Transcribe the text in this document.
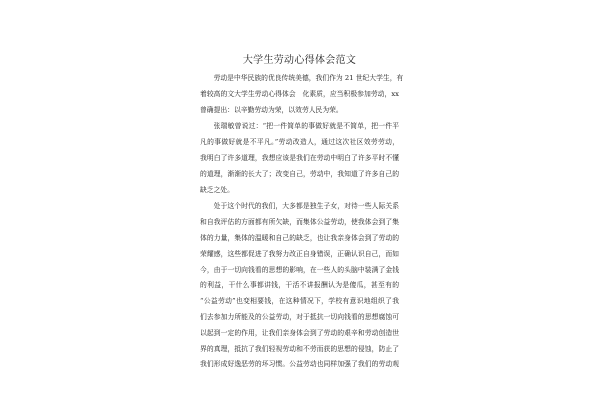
大学生劳动心得体会范文
劳动是中华民族的优良传统美德，我们作为 21 世纪大学生，有
着较高的文大学生劳动心得体会　化素质，应当积极参加劳动，xx
曾确提出：以辛勤劳动为荣，以效劳人民为荣。
张瑞敏曾说过：“把一件简单的事做好就是不简单，把一件平
凡的事做好就是不平凡。”劳动改造人，通过这次社区效劳劳动，
我明白了许多道理，我想应该是我们在劳动中明白了许多平时不懂
的道理，渐渐的长大了；改变自己，劳动中，我知道了许多自己的
缺乏之处。
处于这个时代的我们，大多都是独生子女，对待一些人际关系
和自我评估的方面都有所欠缺，而集体公益劳动，使我体会到了集
体的力量，集体的温暖和自己的缺乏，也让我亲身体会到了劳动的
荣耀感，这些都促进了我努力改正自身错误，正确认识自己，而如
今，由于一切向钱看的思想的影响，在一些人的头脑中装满了金钱
的利益，干什么事都讲钱，干活不讲报酬认为是傻瓜，甚至有的
“公益劳动”也变相要钱，在这种情况下，学校有意识地组织了我
们去参加力所能及的公益劳动，对于抵抗一切向钱看的思想腐蚀可
以起到一定的作用，让我们亲身体会到了劳动的艰辛和劳动创造世
界的真理，抵抗了我们轻视劳动和不劳而获的思想的侵蚀，防止了
我们形成好逸恶劳的坏习惯。公益劳动也同样加强了我们的劳动观
